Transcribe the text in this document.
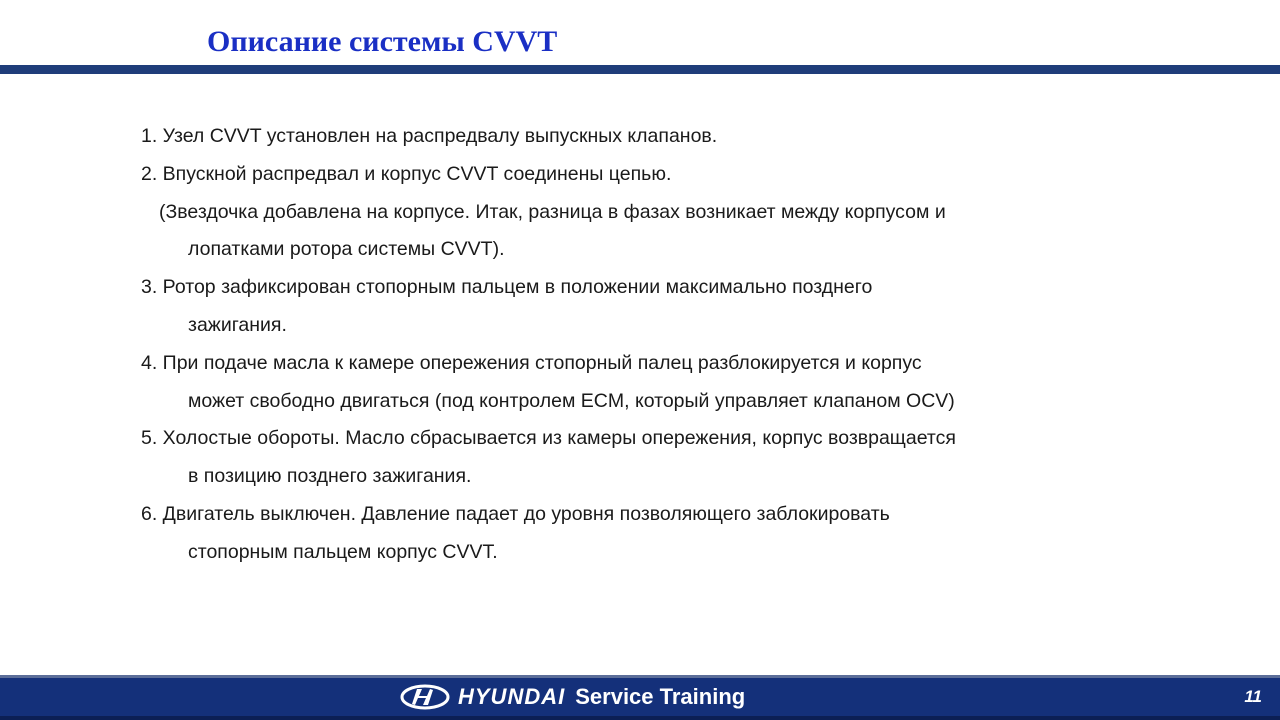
Описание системы CVVT
1. Узел CVVT установлен на распредвалу выпускных клапанов.
2. Впускной распредвал и корпус CVVT соединены цепью.
(Звездочка добавлена на корпусе. Итак, разница в фазах возникает между корпусом и
лопатками ротора системы CVVT).
3. Ротор зафиксирован стопорным пальцем в положении максимально позднего
зажигания.
4. При подаче масла к камере опережения стопорный палец разблокируется и корпус
может свободно двигаться (под контролем ECM, который управляет клапаном OCV)
5. Холостые обороты. Масло сбрасывается из камеры опережения, корпус возвращается
в позицию позднего зажигания.
6. Двигатель выключен. Давление падает до уровня позволяющего заблокировать
стопорным пальцем корпус CVVT.
HYUNDAI Service Training	11
